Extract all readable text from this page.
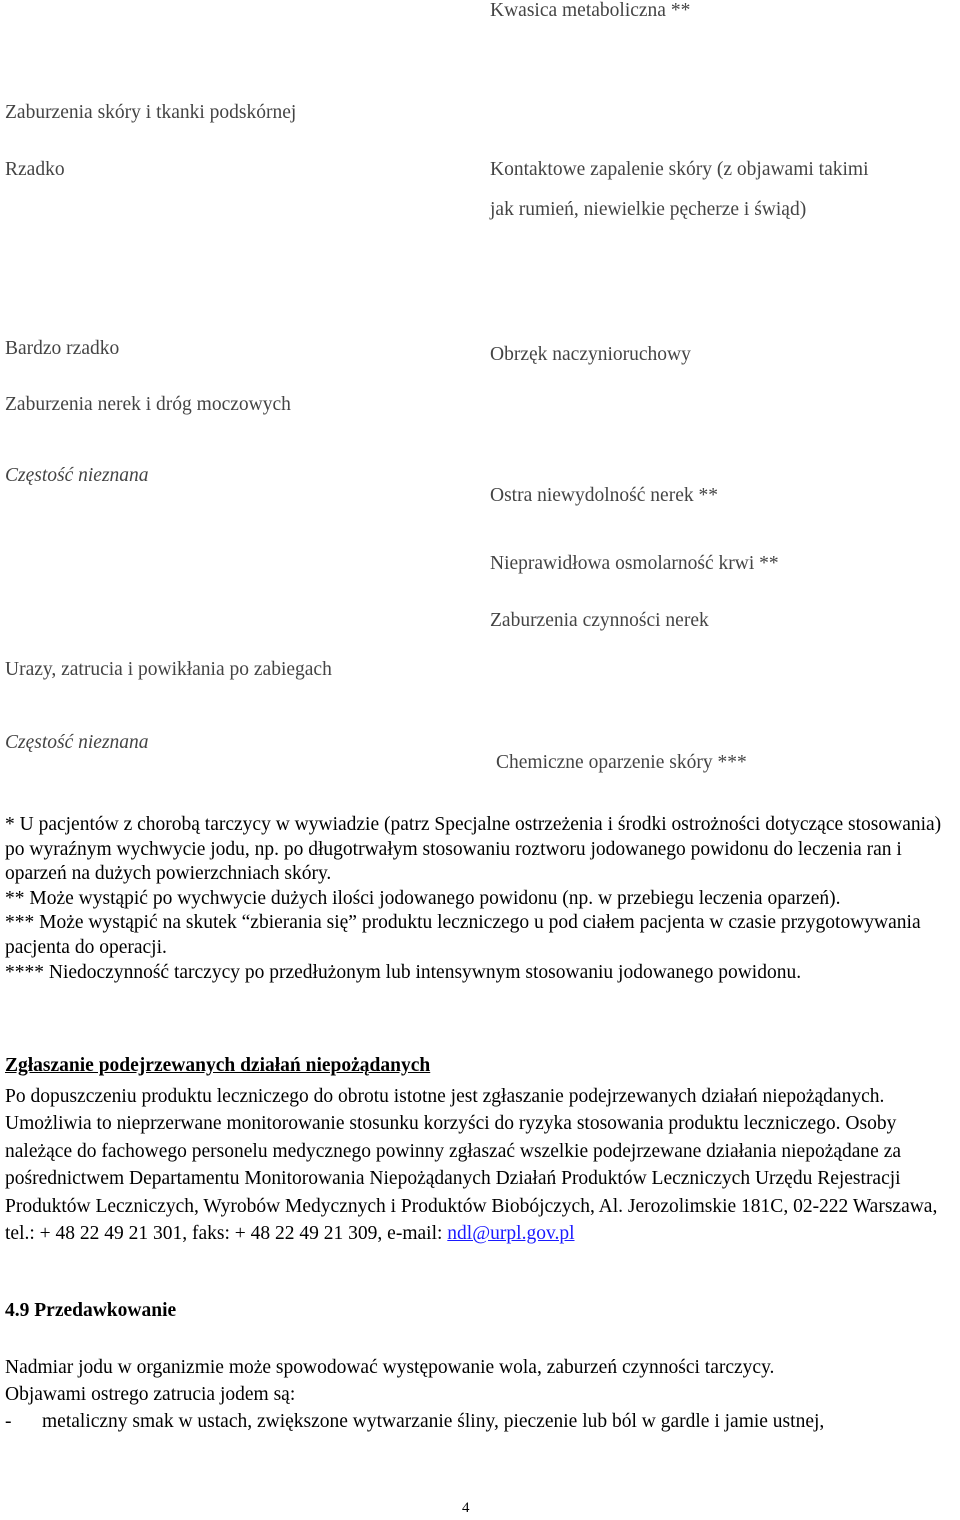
Kwasica metaboliczna **
Zaburzenia skóry i tkanki podskórnej
Rzadko	Kontaktowe zapalenie skóry (z objawami takimi
jak rumień, niewielkie pęcherze i świąd)
Bardzo rzadko	Obrzęk naczynioruchowy
Zaburzenia nerek i dróg moczowych
Częstość nieznana
Ostra niewydolność nerek **
Nieprawidłowa osmolarność krwi **
Zaburzenia czynności nerek
Urazy, zatrucia i powikłania po zabiegach
Częstość nieznana
Chemiczne oparzenie skóry ***
* U pacjentów z chorobą tarczycy w wywiadzie (patrz Specjalne ostrzeżenia i środki ostrożności dotyczące stosowania) po wyraźnym wychwycie jodu, np. po długotrwałym stosowaniu roztworu jodowanego powidonu do leczenia ran i oparzeń na dużych powierzchniach skóry.
** Może wystąpić po wychwycie dużych ilości jodowanego powidonu (np. w przebiegu leczenia oparzeń).
*** Może wystąpić na skutek “zbierania się” produktu leczniczego u pod ciałem pacjenta w czasie przygotowywania pacjenta do operacji.
**** Niedoczynność tarczycy po przedłużonym lub intensywnym stosowaniu jodowanego powidonu.
Zgłaszanie podejrzewanych działań niepożądanych
Po dopuszczeniu produktu leczniczego do obrotu istotne jest zgłaszanie podejrzewanych działań niepożądanych. Umożliwia to nieprzerwane monitorowanie stosunku korzyści do ryzyka stosowania produktu leczniczego. Osoby należące do fachowego personelu medycznego powinny zgłaszać wszelkie podejrzewane działania niepożądane za pośrednictwem Departamentu Monitorowania Niepożądanych Działań Produktów Leczniczych Urzędu Rejestracji Produktów Leczniczych, Wyrobów Medycznych i Produktów Biobójczych, Al. Jerozolimskie 181C, 02-222 Warszawa, tel.: + 48 22 49 21 301, faks: + 48 22 49 21 309, e-mail: ndl@urpl.gov.pl
4.9 Przedawkowanie
Nadmiar jodu w organizmie może spowodować występowanie wola, zaburzeń czynności tarczycy.
Objawami ostrego zatrucia jodem są:
- metaliczny smak w ustach, zwiększone wytwarzanie śliny, pieczenie lub ból w gardle i jamie ustnej,
4
